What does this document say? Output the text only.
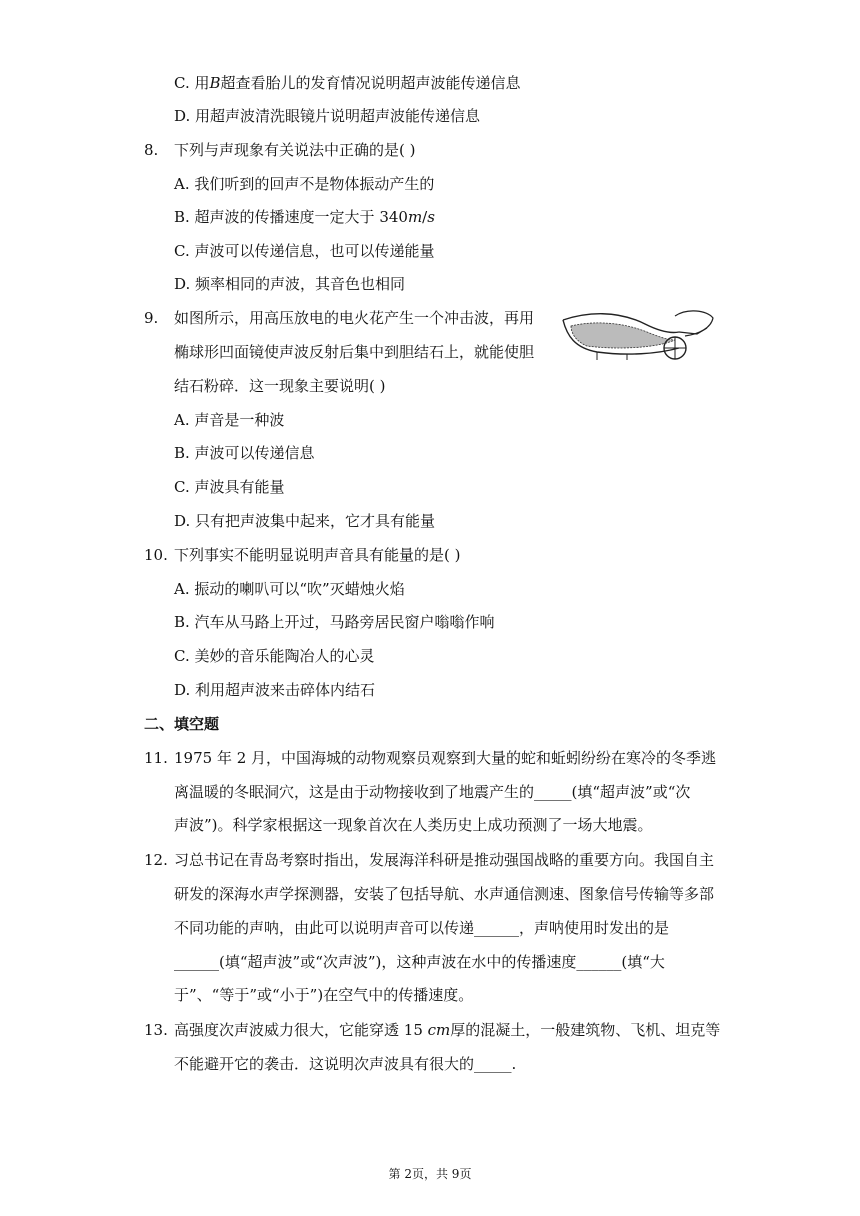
C. 用𝐵超查看胎儿的发育情况说明超声波能传递信息
D. 用超声波清洗眼镜片说明超声波能传递信息
8. 下列与声现象有关说法中正确的是( )
A. 我们听到的回声不是物体振动产生的
B. 超声波的传播速度一定大于 340𝑚/𝑠
C. 声波可以传递信息，也可以传递能量
D. 频率相同的声波，其音色也相同
9. 如图所示，用高压放电的电火花产生一个冲击波，再用
椭球形凹面镜使声波反射后集中到胆结石上，就能使胆
结石粉碎．这一现象主要说明( )
A. 声音是一种波
B. 声波可以传递信息
C. 声波具有能量
D. 只有把声波集中起来，它才具有能量
10. 下列事实不能明显说明声音具有能量的是( )
A. 振动的喇叭可以“吹”灭蜡烛火焰
B. 汽车从马路上开过，马路旁居民窗户嗡嗡作响
C. 美妙的音乐能陶冶人的心灵
D. 利用超声波来击碎体内结石
二、填空题
11. 1975 年 2 月，中国海城的动物观察员观察到大量的蛇和蚯蚓纷纷在寒冷的冬季逃
离温暖的冬眠洞穴，这是由于动物接收到了地震产生的_____(填“超声波”或“次
声波”)。科学家根据这一现象首次在人类历史上成功预测了一场大地震。
12. 习总书记在青岛考察时指出，发展海洋科研是推动强国战略的重要方向。我国自主
研发的深海水声学探测器，安装了包括导航、水声通信测速、图象信号传输等多部
不同功能的声呐，由此可以说明声音可以传递______，声呐使用时发出的是
______(填“超声波”或“次声波”)，这种声波在水中的传播速度______(填“大
于”、“等于”或“小于”)在空气中的传播速度。
13. 高强度次声波威力很大，它能穿透 15 𝑐𝑚厚的混凝土，一般建筑物、飞机、坦克等
不能避开它的袭击．这说明次声波具有很大的_____.
第 2页，共 9页
